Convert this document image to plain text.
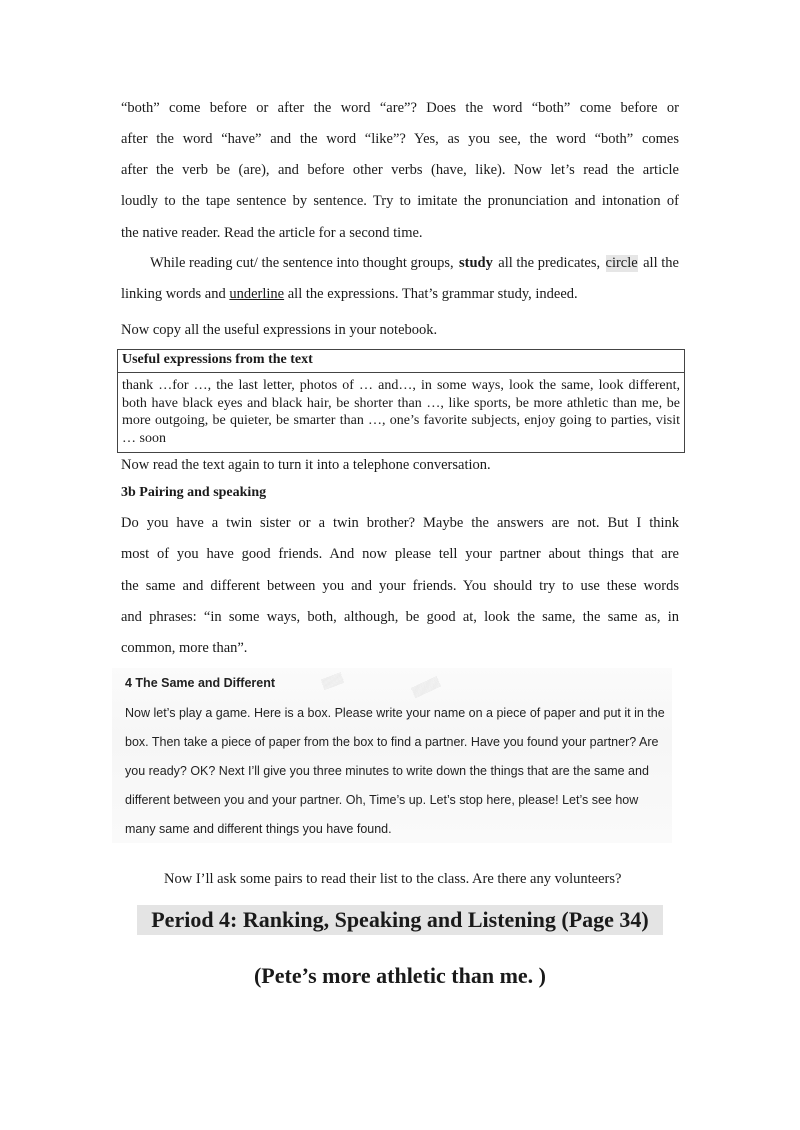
“both” come before or after the word “are”? Does the word “both” come before or
after the word “have” and the word “like”? Yes, as you see, the word “both” comes
after the verb be (are), and before other verbs (have, like). Now let’s read the article
loudly to the tape sentence by sentence. Try to imitate the pronunciation and intonation of
the native reader. Read the article for a second time.
While reading cut/ the sentence into thought groups, study all the predicates, circle all the
linking words and underline all the expressions. That’s grammar study, indeed.
Now copy all the useful expressions in your notebook.
Useful expressions from the text
thank …for …, the last letter, photos of … and…, in some ways, look the same, look different, both have black eyes and black hair, be shorter than …, like sports, be more athletic than me, be more outgoing, be quieter, be smarter than …, one’s favorite subjects, enjoy going to parties, visit … soon
Now read the text again to turn it into a telephone conversation.
3b Pairing and speaking
Do you have a twin sister or a twin brother? Maybe the answers are not. But I think
most of you have good friends. And now please tell your partner about things that are
the same and different between you and your friends. You should try to use these words
and phrases: “in some ways, both, although, be good at, look the same, the same as, in
common, more than”.
▒▒▒	▒▒▒▒
4 The Same and Different
Now let’s play a game. Here is a box. Please write your name on a piece of paper and put it in the
box. Then take a piece of paper from the box to find a partner. Have you found your partner? Are
you ready? OK? Next I’ll give you three minutes to write down the things that are the same and
different between you and your partner. Oh, Time’s up. Let’s stop here, please! Let’s see how
many same and different things you have found.
Now I’ll ask some pairs to read their list to the class. Are there any volunteers?
Period 4: Ranking, Speaking and Listening (Page 34)
(Pete’s more athletic than me. )
